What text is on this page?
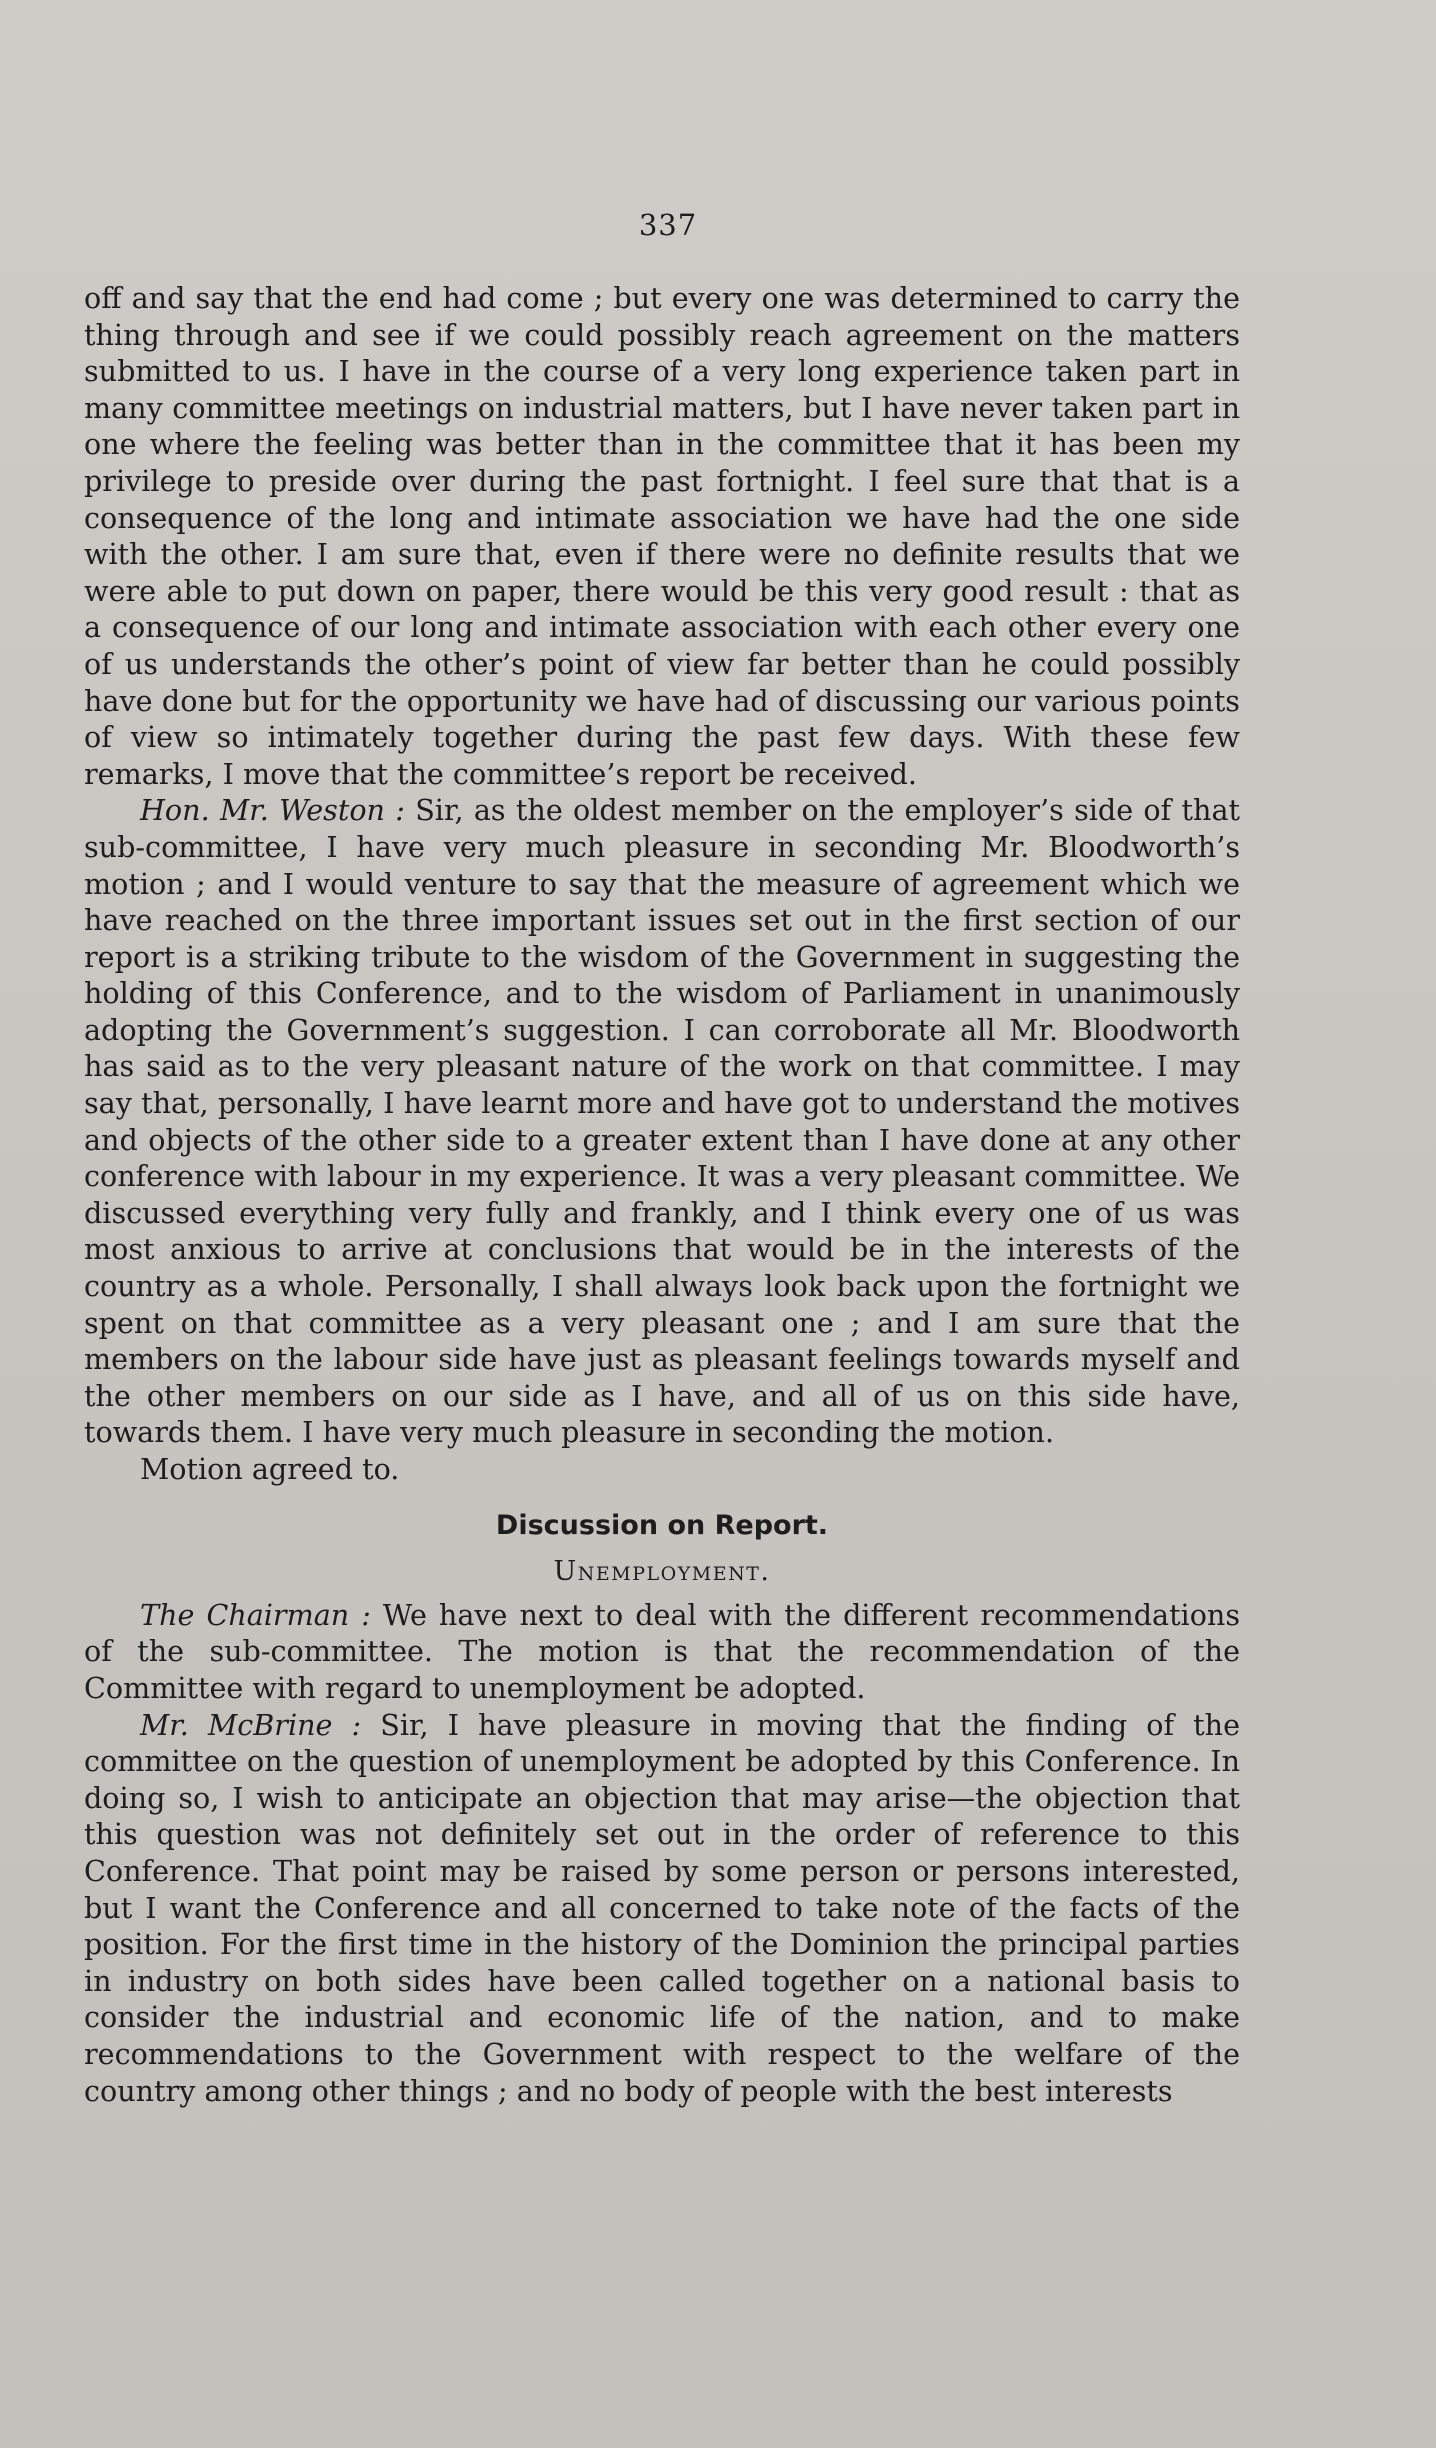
337

off and say that the end had come ; but every one was determined to carry the thing through and see if we could possibly reach agreement on the matters submitted to us. I have in the course of a very long experience taken part in many committee meetings on industrial matters, but I have never taken part in one where the feeling was better than in the committee that it has been my privilege to preside over during the past fortnight. I feel sure that that is a consequence of the long and intimate association we have had the one side with the other. I am sure that, even if there were no definite results that we were able to put down on paper, there would be this very good result : that as a consequence of our long and intimate association with each other every one of us understands the other’s point of view far better than he could possibly have done but for the opportunity we have had of discussing our various points of view so intimately together during the past few days. With these few remarks, I move that the committee’s report be received.

Hon. Mr. Weston : Sir, as the oldest member on the employer’s side of that sub-committee, I have very much pleasure in seconding Mr. Bloodworth’s motion ; and I would venture to say that the measure of agreement which we have reached on the three important issues set out in the first section of our report is a striking tribute to the wisdom of the Government in suggesting the holding of this Conference, and to the wisdom of Parliament in unanimously adopting the Government’s suggestion. I can corroborate all Mr. Bloodworth has said as to the very pleasant nature of the work on that committee. I may say that, personally, I have learnt more and have got to understand the motives and objects of the other side to a greater extent than I have done at any other conference with labour in my experience. It was a very pleasant committee. We discussed everything very fully and frankly, and I think every one of us was most anxious to arrive at conclusions that would be in the interests of the country as a whole. Personally, I shall always look back upon the fortnight we spent on that committee as a very pleasant one ; and I am sure that the members on the labour side have just as pleasant feelings towards myself and the other members on our side as I have, and all of us on this side have, towards them. I have very much pleasure in seconding the motion.

Motion agreed to.

Discussion on Report.
Unemployment.

The Chairman : We have next to deal with the different recommendations of the sub-committee. The motion is that the recommendation of the Committee with regard to unemployment be adopted.

Mr. McBrine : Sir, I have pleasure in moving that the finding of the committee on the question of unemployment be adopted by this Conference. In doing so, I wish to anticipate an objection that may arise—the objection that this question was not definitely set out in the order of reference to this Conference. That point may be raised by some person or persons interested, but I want the Conference and all concerned to take note of the facts of the position. For the first time in the history of the Dominion the principal parties in industry on both sides have been called together on a national basis to consider the industrial and economic life of the nation, and to make recommendations to the Government with respect to the welfare of the country among other things ; and no body of people with the best interests
